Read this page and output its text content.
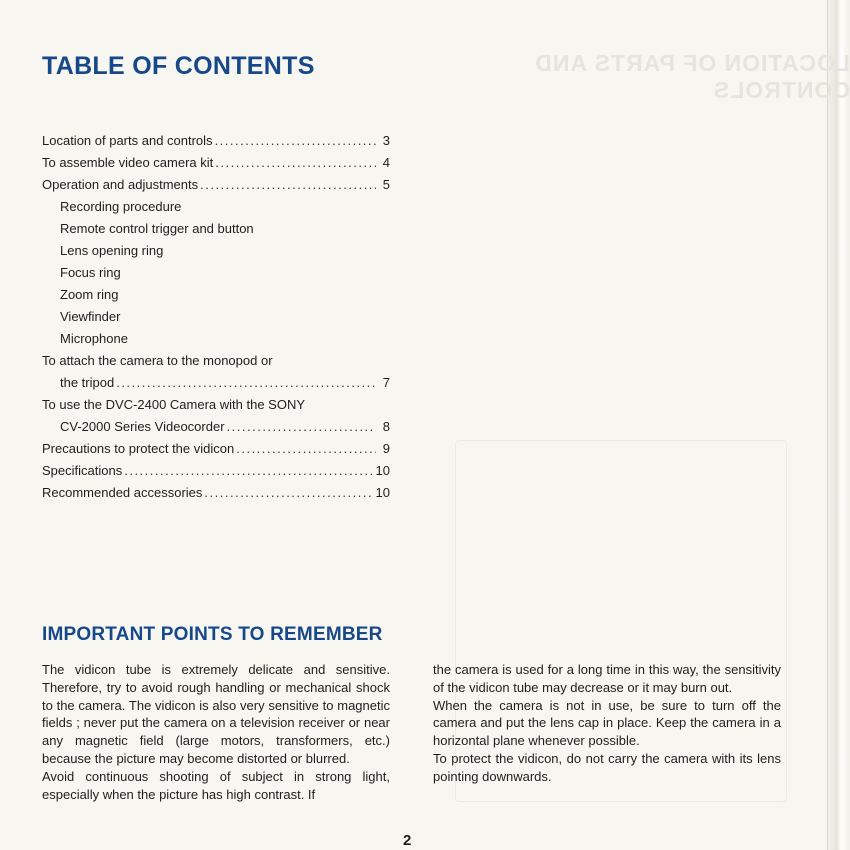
LOCATION OF PARTS AND CONTROLS
TABLE OF CONTENTS
Location of parts and controls .....	3
To assemble video camera kit .....	4
Operation and adjustments .....	5
Recording procedure
Remote control trigger and button
Lens opening ring
Focus ring
Zoom ring
Viewfinder
Microphone
To attach the camera to the monopod or
the tripod .....	7
To use the DVC-2400 Camera with the SONY
CV-2000 Series Videocorder .....	8
Precautions to protect the vidicon .....	9
Specifications .....	10
Recommended accessories .....	10
IMPORTANT POINTS TO REMEMBER

The vidicon tube is extremely delicate and sensitive. Therefore, try to avoid rough handling or mechanical shock to the camera. The vidicon is also very sensitive to magnetic fields ; never put the camera on a television receiver or near any magnetic field (large motors, transformers, etc.) because the picture may become distorted or blurred.

Avoid continuous shooting of subject in strong light, especially when the picture has high contrast. If

the camera is used for a long time in this way, the sensitivity of the vidicon tube may decrease or it may burn out.

When the camera is not in use, be sure to turn off the camera and put the lens cap in place. Keep the camera in a horizontal plane whenever possible.

To protect the vidicon, do not carry the camera with its lens pointing downwards.

2
